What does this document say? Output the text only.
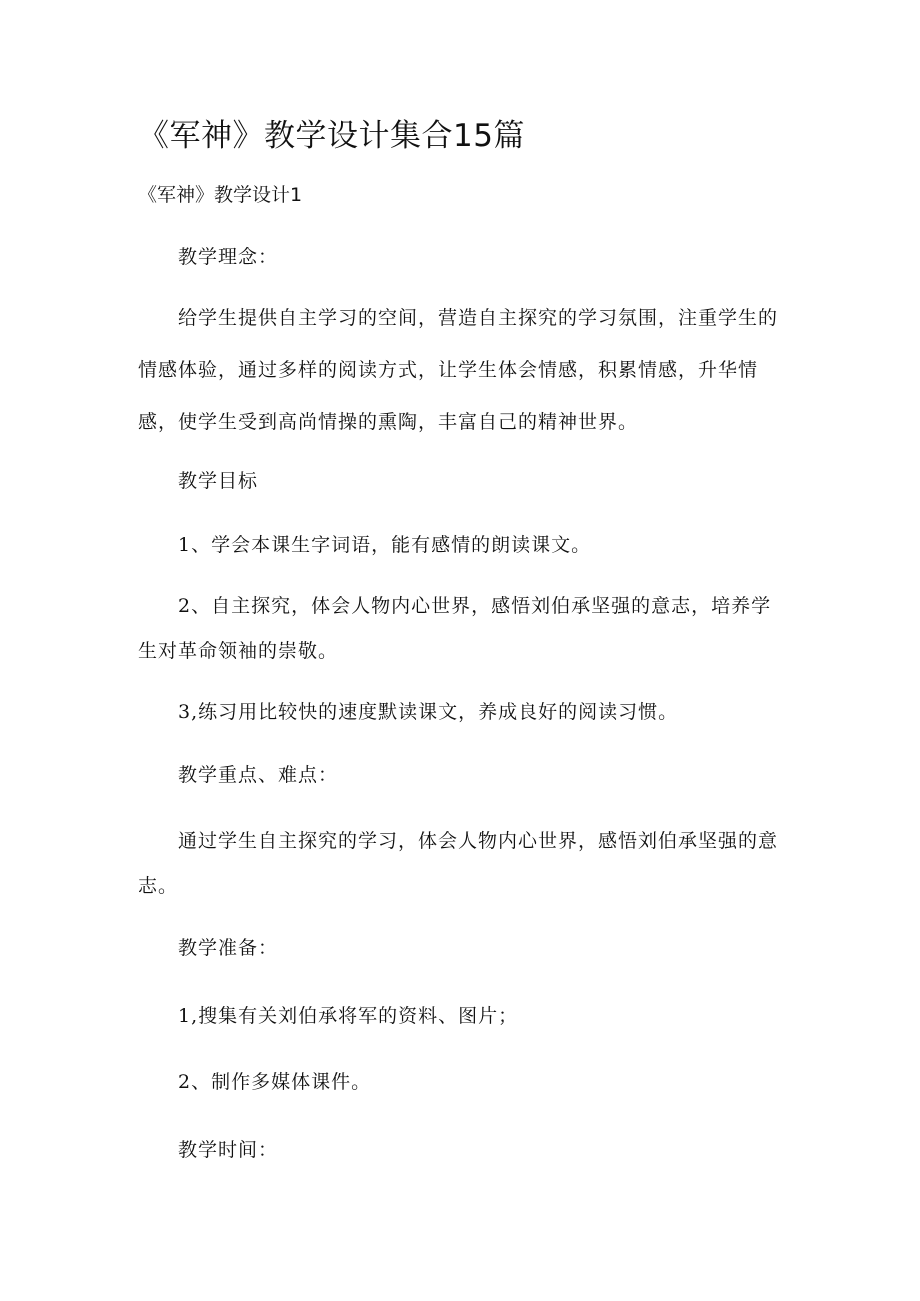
《军神》教学设计集合15篇
《军神》教学设计1
教学理念：
给学生提供自主学习的空间，营造自主探究的学习氛围，注重学生的
情感体验，通过多样的阅读方式，让学生体会情感，积累情感，升华情
感，使学生受到高尚情操的熏陶，丰富自己的精神世界。
教学目标
1、学会本课生字词语，能有感情的朗读课文。
2、自主探究，体会人物内心世界，感悟刘伯承坚强的意志，培养学
生对革命领袖的崇敬。
3,练习用比较快的速度默读课文，养成良好的阅读习惯。
教学重点、难点：
通过学生自主探究的学习，体会人物内心世界，感悟刘伯承坚强的意
志。
教学准备：
1,搜集有关刘伯承将军的资料、图片；
2、制作多媒体课件。
教学时间：
